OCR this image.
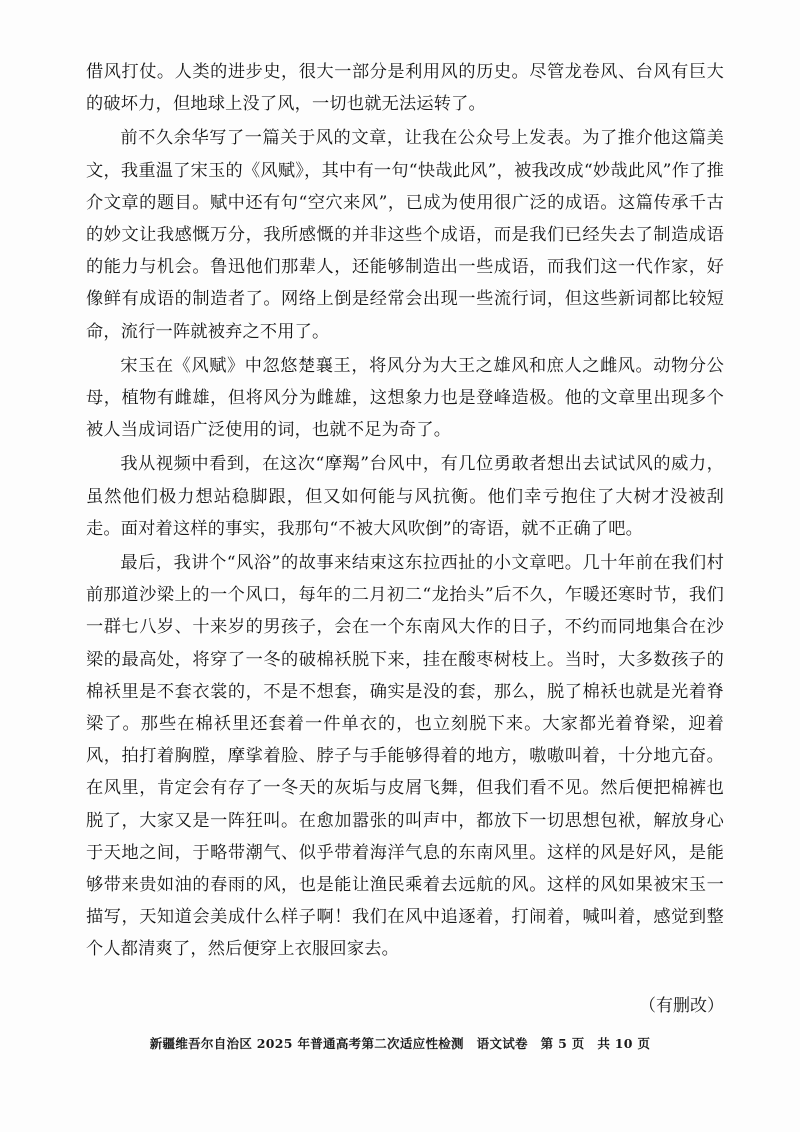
借风打仗。人类的进步史，很大一部分是利用风的历史。尽管龙卷风、台风有巨大的破坏力，但地球上没了风，一切也就无法运转了。

前不久余华写了一篇关于风的文章，让我在公众号上发表。为了推介他这篇美文，我重温了宋玉的《风赋》，其中有一句“快哉此风”，被我改成“妙哉此风”作了推介文章的题目。赋中还有句“空穴来风”，已成为使用很广泛的成语。这篇传承千古的妙文让我感慨万分，我所感慨的并非这些个成语，而是我们已经失去了制造成语的能力与机会。鲁迅他们那辈人，还能够制造出一些成语，而我们这一代作家，好像鲜有成语的制造者了。网络上倒是经常会出现一些流行词，但这些新词都比较短命，流行一阵就被弃之不用了。

宋玉在《风赋》中忽悠楚襄王，将风分为大王之雄风和庶人之雌风。动物分公母，植物有雌雄，但将风分为雌雄，这想象力也是登峰造极。他的文章里出现多个被人当成词语广泛使用的词，也就不足为奇了。

我从视频中看到，在这次“摩羯”台风中，有几位勇敢者想出去试试风的威力，虽然他们极力想站稳脚跟，但又如何能与风抗衡。他们幸亏抱住了大树才没被刮走。面对着这样的事实，我那句“不被大风吹倒”的寄语，就不正确了吧。

最后，我讲个“风浴”的故事来结束这东拉西扯的小文章吧。几十年前在我们村前那道沙梁上的一个风口，每年的二月初二“龙抬头”后不久，乍暖还寒时节，我们一群七八岁、十来岁的男孩子，会在一个东南风大作的日子，不约而同地集合在沙梁的最高处，将穿了一冬的破棉袄脱下来，挂在酸枣树枝上。当时，大多数孩子的棉袄里是不套衣裳的，不是不想套，确实是没的套，那么，脱了棉袄也就是光着脊梁了。那些在棉袄里还套着一件单衣的，也立刻脱下来。大家都光着脊梁，迎着风，拍打着胸膛，摩挲着脸、脖子与手能够得着的地方，嗷嗷叫着，十分地亢奋。在风里，肯定会有存了一冬天的灰垢与皮屑飞舞，但我们看不见。然后便把棉裤也脱了，大家又是一阵狂叫。在愈加嚣张的叫声中，都放下一切思想包袱，解放身心于天地之间，于略带潮气、似乎带着海洋气息的东南风里。这样的风是好风，是能够带来贵如油的春雨的风，也是能让渔民乘着去远航的风。这样的风如果被宋玉一描写，天知道会美成什么样子啊！我们在风中追逐着，打闹着，喊叫着，感觉到整个人都清爽了，然后便穿上衣服回家去。

（有删改）
新疆维吾尔自治区 2025 年普通高考第二次适应性检测　语文试卷　第 5 页　共 10 页
